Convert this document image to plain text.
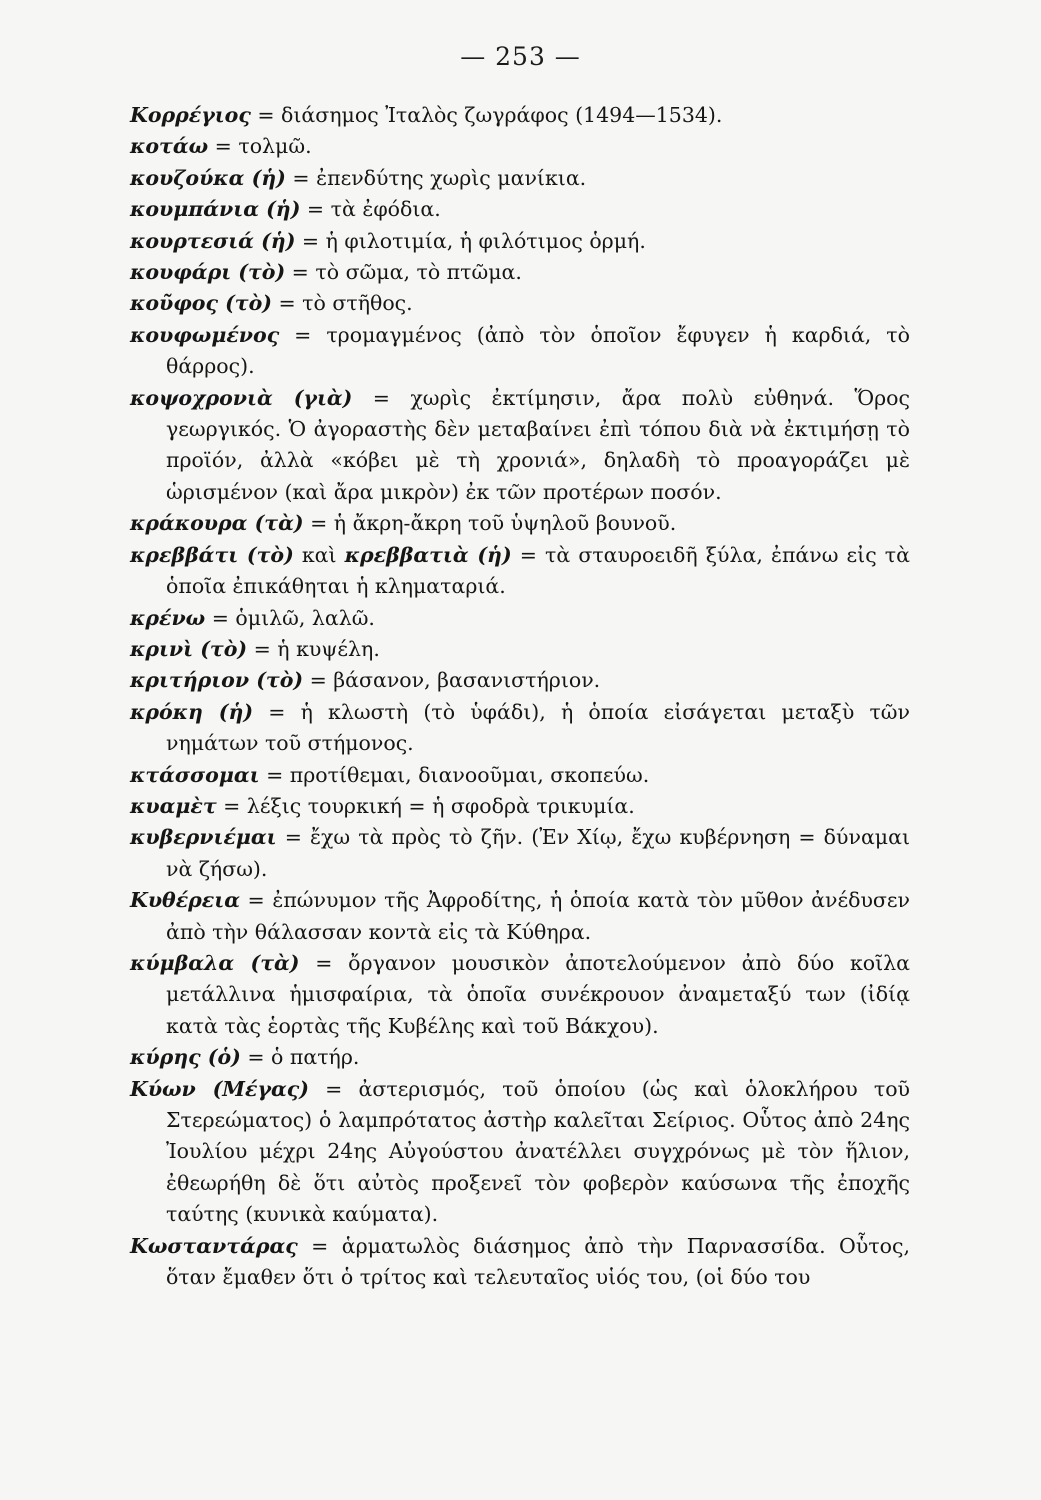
— 253 —

Κορρέγιος = διάσημος Ἰταλὸς ζωγράφος (1494—1534).

κοτάω = τολμῶ.

κουζούκα (ἡ) = ἐπενδύτης χωρὶς μανίκια.

κουμπάνια (ἡ) = τὰ ἐφόδια.

κουρτεσιά (ἡ) = ἡ φιλοτιμία, ἡ φιλότιμος ὁρμή.

κουφάρι (τὸ) = τὸ σῶμα, τὸ πτῶμα.

κοῦφος (τὸ) = τὸ στῆθος.

κουφωμένος = τρομαγμένος (ἀπὸ τὸν ὁποῖον ἔφυγεν ἡ καρδιά, τὸ θάρρος).

κοψοχρονιὰ (γιὰ) = χωρὶς ἐκτίμησιν, ἄρα πολὺ εὐθηνά. Ὅρος γεωργικός. Ὁ ἀγοραστὴς δὲν μεταβαίνει ἐπὶ τόπου διὰ νὰ ἐκτιμήσῃ τὸ προϊόν, ἀλλὰ «κόβει μὲ τὴ χρονιά», δηλαδὴ τὸ προαγοράζει μὲ ὡρισμένον (καὶ ἄρα μικρὸν) ἐκ τῶν προτέρων ποσόν.

κράκουρα (τὰ) = ἡ ἄκρη-ἄκρη τοῦ ὑψηλοῦ βουνοῦ.

κρεββάτι (τὸ) καὶ κρεββατιὰ (ἡ) = τὰ σταυροειδῆ ξύλα, ἐπάνω εἰς τὰ ὁποῖα ἐπικάθηται ἡ κληματαριά.

κρένω = ὁμιλῶ, λαλῶ.

κρινὶ (τὸ) = ἡ κυψέλη.

κριτήριον (τὸ) = βάσανον, βασανιστήριον.

κρόκη (ἡ) = ἡ κλωστὴ (τὸ ὑφάδι), ἡ ὁποία εἰσάγεται μεταξὺ τῶν νημάτων τοῦ στήμονος.

κτάσσομαι = προτίθεμαι, διανοοῦμαι, σκοπεύω.

κυαμὲτ = λέξις τουρκική = ἡ σφοδρὰ τρικυμία.

κυβερνιέμαι = ἔχω τὰ πρὸς τὸ ζῆν. (Ἐν Χίῳ, ἔχω κυβέρνηση = δύναμαι νὰ ζήσω).

Κυθέρεια = ἐπώνυμον τῆς Ἀφροδίτης, ἡ ὁποία κατὰ τὸν μῦθον ἀνέδυσεν ἀπὸ τὴν θάλασσαν κοντὰ εἰς τὰ Κύθηρα.

κύμβαλα (τὰ) = ὄργανον μουσικὸν ἀποτελούμενον ἀπὸ δύο κοῖλα μετάλλινα ἡμισφαίρια, τὰ ὁποῖα συνέκρουον ἀναμεταξύ των (ἰδίᾳ κατὰ τὰς ἑορτὰς τῆς Κυβέλης καὶ τοῦ Βάκχου).

κύρης (ὁ) = ὁ πατήρ.

Κύων (Μέγας) = ἀστερισμός, τοῦ ὁποίου (ὡς καὶ ὁλοκλήρου τοῦ Στερεώματος) ὁ λαμπρότατος ἀστὴρ καλεῖται Σείριος. Οὗτος ἀπὸ 24ης Ἰουλίου μέχρι 24ης Αὐγούστου ἀνατέλλει συγχρόνως μὲ τὸν ἥλιον, ἐθεωρήθη δὲ ὅτι αὐτὸς προξενεῖ τὸν φοβερὸν καύσωνα τῆς ἐποχῆς ταύτης (κυνικὰ καύματα).

Κωσταντάρας = ἁρματωλὸς διάσημος ἀπὸ τὴν Παρνασσίδα. Οὗτος, ὅταν ἔμαθεν ὅτι ὁ τρίτος καὶ τελευταῖος υἱός του, (οἱ δύο του
